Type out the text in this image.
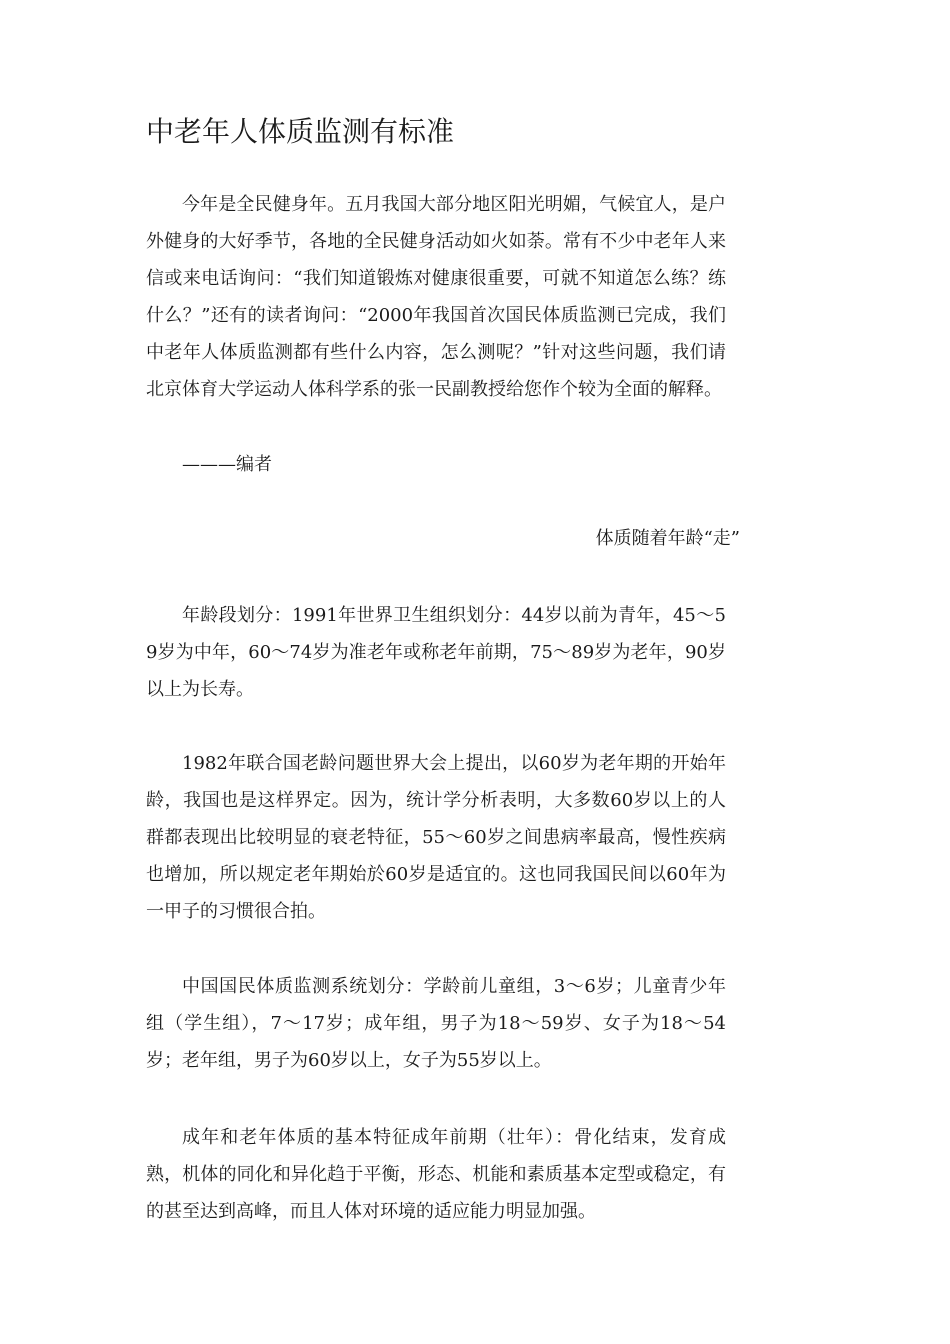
中老年人体质监测有标准

今年是全民健身年。五月我国大部分地区阳光明媚，气候宜人，是户外健身的大好季节，各地的全民健身活动如火如荼。常有不少中老年人来信或来电话询问：“我们知道锻炼对健康很重要，可就不知道怎么练？练什么？”还有的读者询问：“2000年我国首次国民体质监测已完成，我们中老年人体质监测都有些什么内容，怎么测呢？”针对这些问题，我们请北京体育大学运动人体科学系的张一民副教授给您作个较为全面的解释。

———编者

体质随着年龄“走”

年龄段划分：1991年世界卫生组织划分：44岁以前为青年，45～59岁为中年，60～74岁为准老年或称老年前期，75～89岁为老年，90岁以上为长寿。

1982年联合国老龄问题世界大会上提出，以60岁为老年期的开始年龄，我国也是这样界定。因为，统计学分析表明，大多数60岁以上的人群都表现出比较明显的衰老特征，55～60岁之间患病率最高，慢性疾病也增加，所以规定老年期始於60岁是适宜的。这也同我国民间以60年为一甲子的习惯很合拍。

中国国民体质监测系统划分：学龄前儿童组，3～6岁；儿童青少年组（学生组），7～17岁；成年组，男子为18～59岁、女子为18～54岁；老年组，男子为60岁以上，女子为55岁以上。

成年和老年体质的基本特征成年前期（壮年）：骨化结束，发育成熟，机体的同化和异化趋于平衡，形态、机能和素质基本定型或稳定，有的甚至达到高峰，而且人体对环境的适应能力明显加强。
